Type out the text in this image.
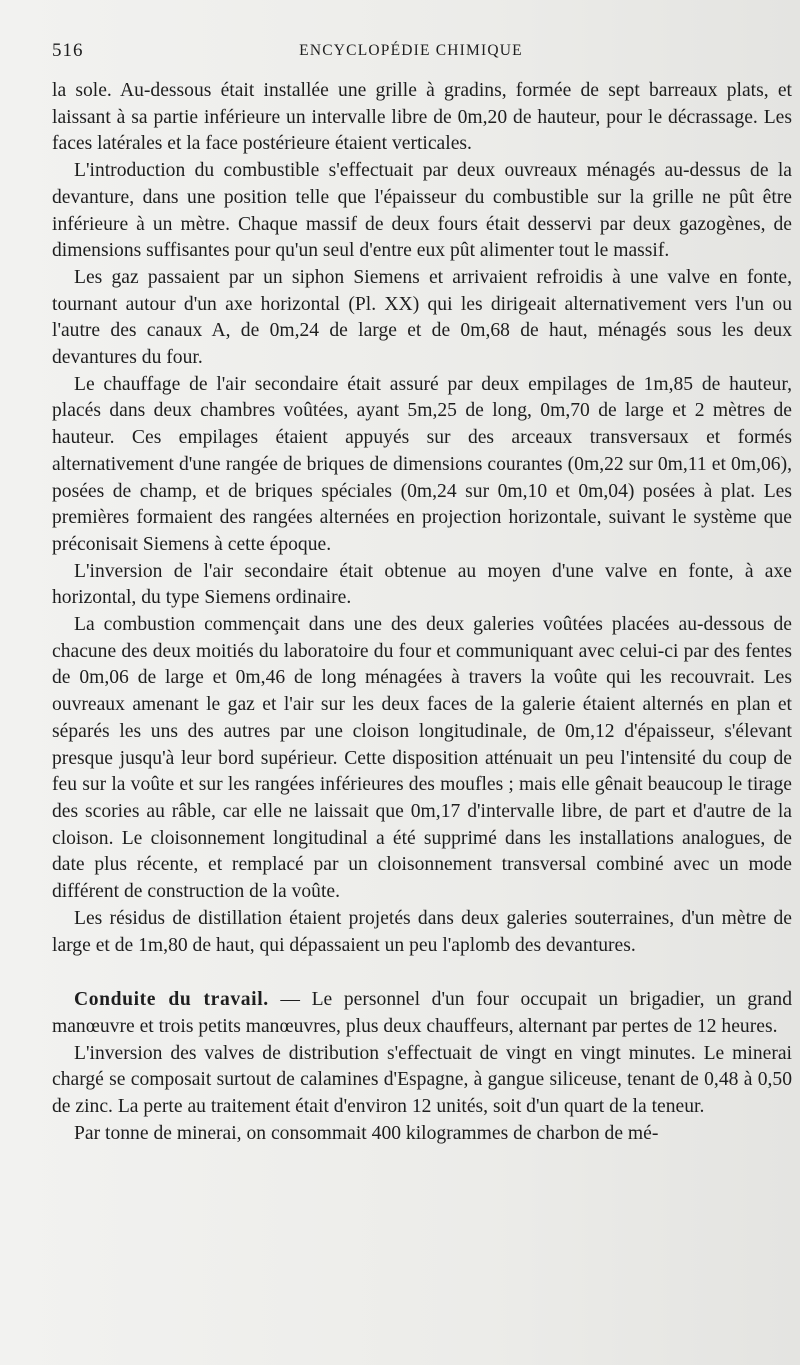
516	ENCYCLOPÉDIE CHIMIQUE

la sole. Au-dessous était installée une grille à gradins, formée de sept barreaux plats, et laissant à sa partie inférieure un intervalle libre de 0m,20 de hauteur, pour le décrassage. Les faces latérales et la face postérieure étaient verticales.

L'introduction du combustible s'effectuait par deux ouvreaux ménagés au-dessus de la devanture, dans une position telle que l'épaisseur du combustible sur la grille ne pût être inférieure à un mètre. Chaque massif de deux fours était desservi par deux gazogènes, de dimensions suffisantes pour qu'un seul d'entre eux pût alimenter tout le massif.

Les gaz passaient par un siphon Siemens et arrivaient refroidis à une valve en fonte, tournant autour d'un axe horizontal (Pl. XX) qui les dirigeait alternativement vers l'un ou l'autre des canaux A, de 0m,24 de large et de 0m,68 de haut, ménagés sous les deux devantures du four.

Le chauffage de l'air secondaire était assuré par deux empilages de 1m,85 de hauteur, placés dans deux chambres voûtées, ayant 5m,25 de long, 0m,70 de large et 2 mètres de hauteur. Ces empilages étaient appuyés sur des arceaux transversaux et formés alternativement d'une rangée de briques de dimensions courantes (0m,22 sur 0m,11 et 0m,06), posées de champ, et de briques spéciales (0m,24 sur 0m,10 et 0m,04) posées à plat. Les premières formaient des rangées alternées en projection horizontale, suivant le système que préconisait Siemens à cette époque.

L'inversion de l'air secondaire était obtenue au moyen d'une valve en fonte, à axe horizontal, du type Siemens ordinaire.

La combustion commençait dans une des deux galeries voûtées placées au-dessous de chacune des deux moitiés du laboratoire du four et communiquant avec celui-ci par des fentes de 0m,06 de large et 0m,46 de long ménagées à travers la voûte qui les recouvrait. Les ouvreaux amenant le gaz et l'air sur les deux faces de la galerie étaient alternés en plan et séparés les uns des autres par une cloison longitudinale, de 0m,12 d'épaisseur, s'élevant presque jusqu'à leur bord supérieur. Cette disposition atténuait un peu l'intensité du coup de feu sur la voûte et sur les rangées inférieures des moufles ; mais elle gênait beaucoup le tirage des scories au râble, car elle ne laissait que 0m,17 d'intervalle libre, de part et d'autre de la cloison. Le cloisonnement longitudinal a été supprimé dans les installations analogues, de date plus récente, et remplacé par un cloisonnement transversal combiné avec un mode différent de construction de la voûte.

Les résidus de distillation étaient projetés dans deux galeries souterraines, d'un mètre de large et de 1m,80 de haut, qui dépassaient un peu l'aplomb des devantures.

Conduite du travail. — Le personnel d'un four occupait un brigadier, un grand manœuvre et trois petits manœuvres, plus deux chauffeurs, alternant par pertes de 12 heures.

L'inversion des valves de distribution s'effectuait de vingt en vingt minutes. Le minerai chargé se composait surtout de calamines d'Espagne, à gangue siliceuse, tenant de 0,48 à 0,50 de zinc. La perte au traitement était d'environ 12 unités, soit d'un quart de la teneur.

Par tonne de minerai, on consommait 400 kilogrammes de charbon de mé-
